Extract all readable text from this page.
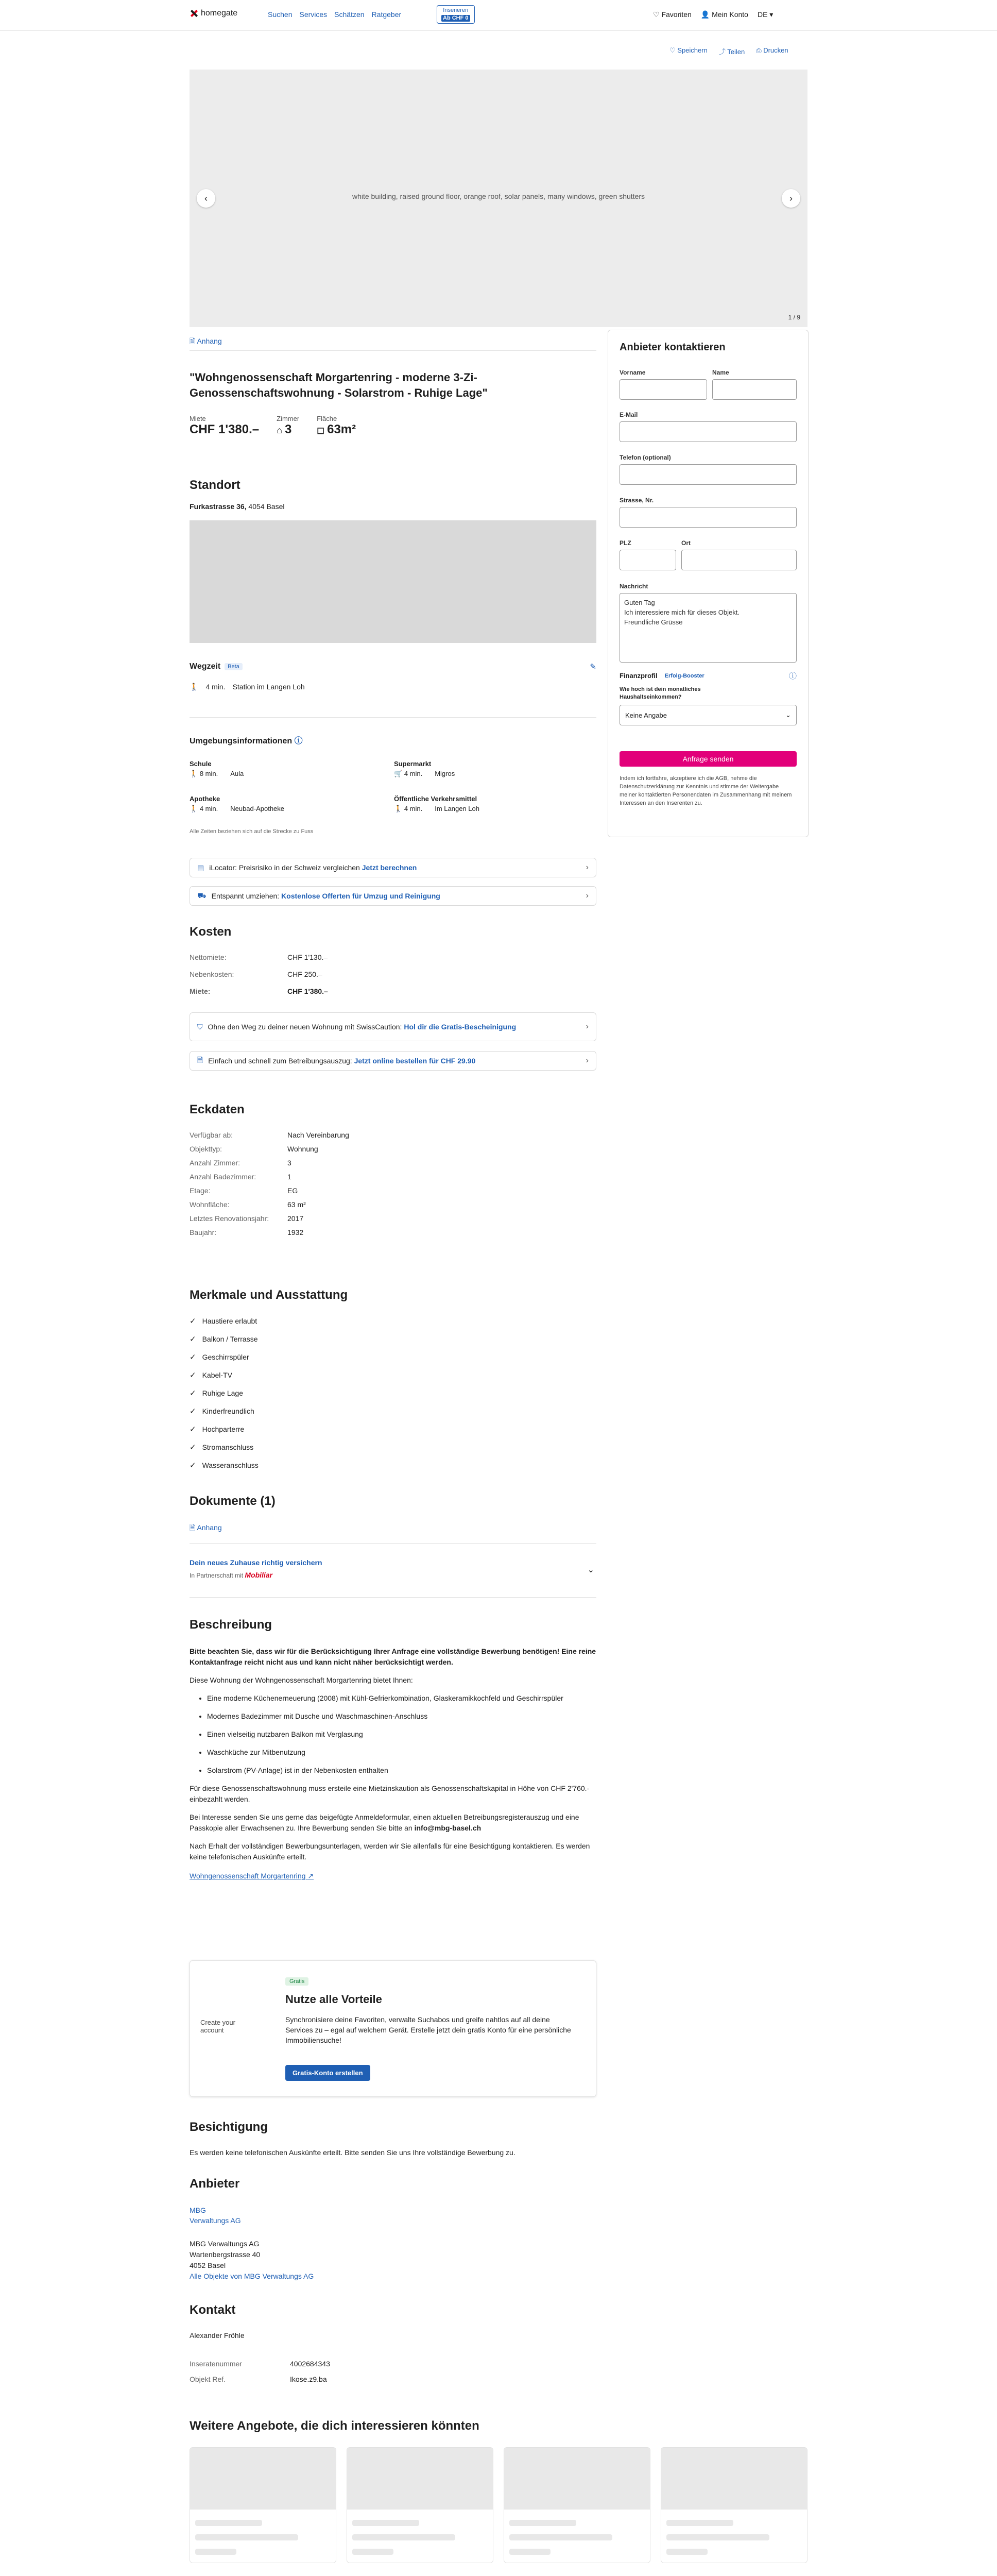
homegate	Suchen Services Schätzen Ratgeber	Inserieren
Ab CHF 0	♡ Favoriten 👤 Mein Konto DE ▾
♡ Speichern ⤴ Teilen ⎙ Drucken
white building, raised ground floor, orange roof, solar panels, many windows, green shutters
‹	›
1 / 9
🗎 Anhang
"Wohngenossenschaft Morgartenring - moderne 3-Zi-Genossenschaftswohnung - Solarstrom - Ruhige Lage"
Miete
CHF 1'380.–
Zimmer
⌂ 3
Fläche
◻ 63m²
Standort
Furkastrasse 36, 4054 Basel
Wegzeit	Beta	✎
🚶 4 min. Station im Langen Loh
Umgebungsinformationen ⓘ
Schule
🚶 8 min. Aula
Supermarkt
🛒 4 min. Migros
Apotheke
🚶 4 min. Neubad-Apotheke
Öffentliche Verkehrsmittel
🚶 4 min. Im Langen Loh
Alle Zeiten beziehen sich auf die Strecke zu Fuss
▤ iLocator: Preisrisiko in der Schweiz vergleichen Jetzt berechnen	›
⛟ Entspannt umziehen: Kostenlose Offerten für Umzug und Reinigung	›
Kosten
Nettomiete:	CHF 1'130.–
Nebenkosten:	CHF 250.–
Miete:	CHF 1'380.–
⛉ Ohne den Weg zu deiner neuen Wohnung mit SwissCaution: Hol dir die Gratis-Bescheinigung	›
🗎 Einfach und schnell zum Betreibungsauszug: Jetzt online bestellen für CHF 29.90	›
Eckdaten
Verfügbar ab:	Nach Vereinbarung
Objekttyp:	Wohnung
Anzahl Zimmer:	3
Anzahl Badezimmer:	1
Etage:	EG
Wohnfläche:	63 m²
Letztes Renovationsjahr:	2017
Baujahr:	1932
Merkmale und Ausstattung
✓ Haustiere erlaubt
✓ Balkon / Terrasse
✓ Geschirrspüler
✓ Kabel-TV
✓ Ruhige Lage
✓ Kinderfreundlich
✓ Hochparterre
✓ Stromanschluss
✓ Wasseranschluss
Dokumente (1)
🗎 Anhang
Dein neues Zuhause richtig versichern
In Partnerschaft mit Mobiliar
⌄
Beschreibung

Bitte beachten Sie, dass wir für die Berücksichtigung Ihrer Anfrage eine vollständige Bewerbung benötigen! Eine reine Kontaktanfrage reicht nicht aus und kann nicht näher berücksichtigt werden.

Diese Wohnung der Wohngenossenschaft Morgartenring bietet Ihnen:

• Eine moderne Küchenerneuerung (2008) mit Kühl-Gefrierkombination, Glaskeramikkochfeld und Geschirrspüler
• Modernes Badezimmer mit Dusche und Waschmaschinen-Anschluss
• Einen vielseitig nutzbaren Balkon mit Verglasung
• Waschküche zur Mitbenutzung
• Solarstrom (PV-Anlage) ist in der Nebenkosten enthalten

Für diese Genossenschaftswohnung muss ersteile eine Mietzinskaution als Genossenschaftskapital in Höhe von CHF 2'760.- einbezahlt werden.

Bei Interesse senden Sie uns gerne das beigefügte Anmeldeformular, einen aktuellen Betreibungsregisterauszug und eine Passkopie aller Erwachsenen zu. Ihre Bewerbung senden Sie bitte an info@mbg-basel.ch

Nach Erhalt der vollständigen Bewerbungsunterlagen, werden wir Sie allenfalls für eine Besichtigung kontaktieren. Es werden keine telefonischen Auskünfte erteilt.

Wohngenossenschaft Morgartenring ↗
Create your account
Gratis
Nutze alle Vorteile
Synchronisiere deine Favoriten, verwalte Suchabos und greife nahtlos auf all deine Services zu – egal auf welchem Gerät. Erstelle jetzt dein gratis Konto für eine persönliche Immobiliensuche!
Gratis-Konto erstellen
Besichtigung
Es werden keine telefonischen Auskünfte erteilt. Bitte senden Sie uns Ihre vollständige Bewerbung zu.
Anbieter
MBG
Verwaltungs AG
MBG Verwaltungs AG
Wartenbergstrasse 40
4052 Basel
Alle Objekte von MBG Verwaltungs AG
Kontakt
Alexander Fröhle
Inseratenummer	4002684343
Objekt Ref.	Ikose.z9.ba
Weitere Angebote, die dich interessieren könnten
Anbieter kontaktieren
Vorname	Name
E-Mail
Telefon (optional)
Strasse, Nr.
PLZ	Ort
Nachricht
Guten Tag
Ich interessiere mich für dieses Objekt.
Freundliche Grüsse
Finanzprofil Erfolg-Booster	ⓘ
Wie hoch ist dein monatliches Haushaltseinkommen?
Keine Angabe	⌄
Anfrage senden
Indem ich fortfahre, akzeptiere ich die AGB, nehme die Datenschutzerklärung zur Kenntnis und stimme der Weitergabe meiner kontaktierten Personendaten im Zusammenhang mit meinem Interessen an den Inserenten zu.
